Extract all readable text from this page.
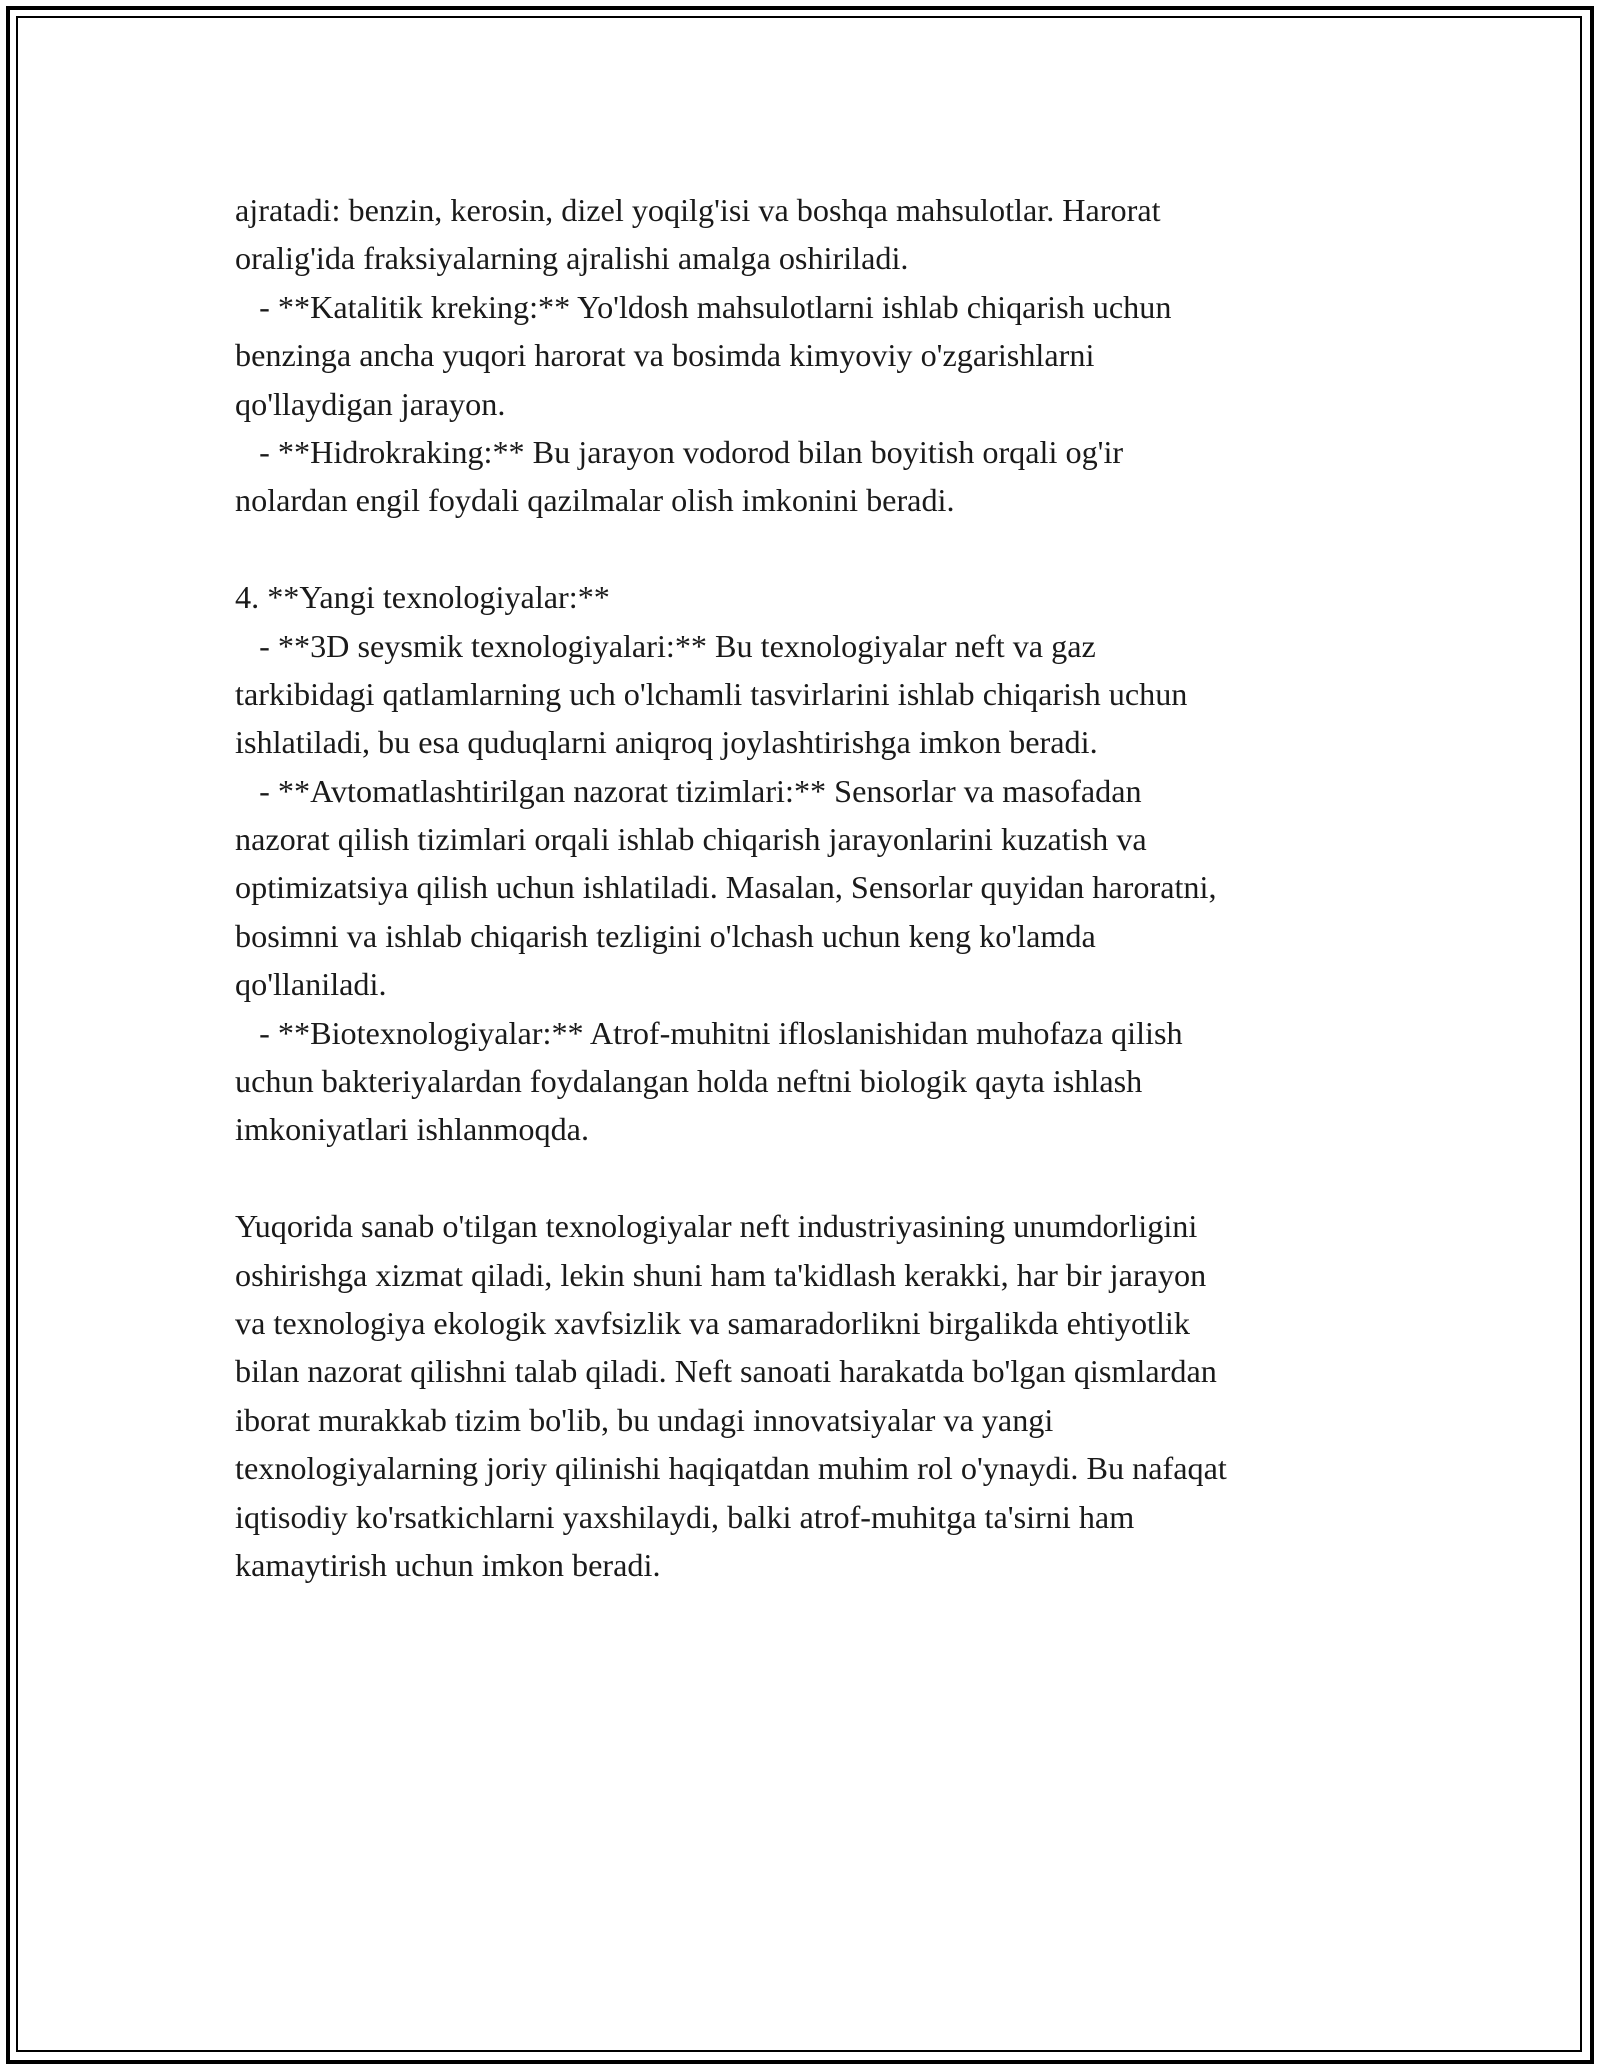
ajratadi: benzin, kerosin, dizel yoqilg'isi va boshqa mahsulotlar. Harorat
oralig'ida fraksiyalarning ajralishi amalga oshiriladi.
- **Katalitik kreking:** Yo'ldosh mahsulotlarni ishlab chiqarish uchun
benzinga ancha yuqori harorat va bosimda kimyoviy o'zgarishlarni
qo'llaydigan jarayon.
- **Hidrokraking:** Bu jarayon vodorod bilan boyitish orqali og'ir
nolardan engil foydali qazilmalar olish imkonini beradi.
4. **Yangi texnologiyalar:**
- **3D seysmik texnologiyalari:** Bu texnologiyalar neft va gaz
tarkibidagi qatlamlarning uch o'lchamli tasvirlarini ishlab chiqarish uchun
ishlatiladi, bu esa quduqlarni aniqroq joylashtirishga imkon beradi.
- **Avtomatlashtirilgan nazorat tizimlari:** Sensorlar va masofadan
nazorat qilish tizimlari orqali ishlab chiqarish jarayonlarini kuzatish va
optimizatsiya qilish uchun ishlatiladi. Masalan, Sensorlar quyidan haroratni,
bosimni va ishlab chiqarish tezligini o'lchash uchun keng ko'lamda
qo'llaniladi.
- **Biotexnologiyalar:** Atrof-muhitni ifloslanishidan muhofaza qilish
uchun bakteriyalardan foydalangan holda neftni biologik qayta ishlash
imkoniyatlari ishlanmoqda.
Yuqorida sanab o'tilgan texnologiyalar neft industriyasining unumdorligini
oshirishga xizmat qiladi, lekin shuni ham ta'kidlash kerakki, har bir jarayon
va texnologiya ekologik xavfsizlik va samaradorlikni birgalikda ehtiyotlik
bilan nazorat qilishni talab qiladi. Neft sanoati harakatda bo'lgan qismlardan
iborat murakkab tizim bo'lib, bu undagi innovatsiyalar va yangi
texnologiyalarning joriy qilinishi haqiqatdan muhim rol o'ynaydi. Bu nafaqat
iqtisodiy ko'rsatkichlarni yaxshilaydi, balki atrof-muhitga ta'sirni ham
kamaytirish uchun imkon beradi.
